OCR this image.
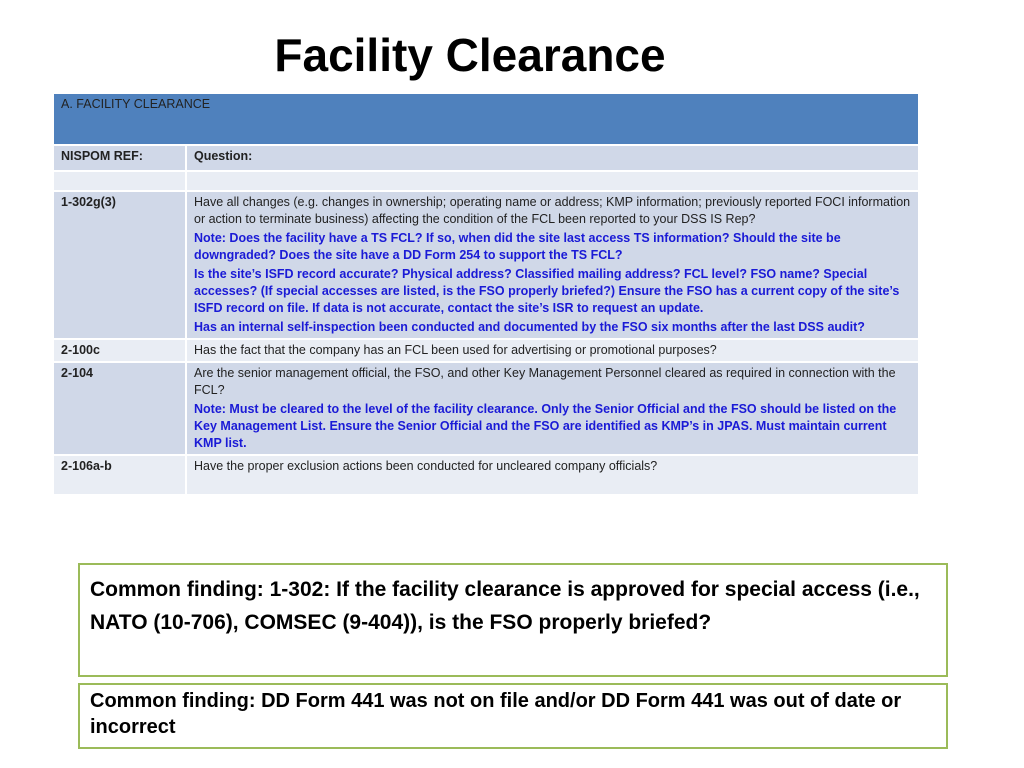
Facility Clearance
A. FACILITY CLEARANCE	
NISPOM REF:	Question:

1-302g(3)	Have all changes (e.g. changes in ownership; operating name or address; KMP information; previously reported FOCI information or action to terminate business) affecting the condition of the FCL been reported to your DSS IS Rep?
Note: Does the facility have a TS FCL? If so, when did the site last access TS information? Should the site be downgraded? Does the site have a DD Form 254 to support the TS FCL?
Is the site’s ISFD record accurate? Physical address? Classified mailing address? FCL level? FSO name? Special accesses? (If special accesses are listed, is the FSO properly briefed?) Ensure the FSO has a current copy of the site’s ISFD record on file. If data is not accurate, contact the site’s ISR to request an update.
Has an internal self-inspection been conducted and documented by the FSO six months after the last DSS audit?

2-100c	Has the fact that the company has an FCL been used for advertising or promotional purposes?

2-104	Are the senior management official, the FSO, and other Key Management Personnel cleared as required in connection with the FCL?
Note: Must be cleared to the level of the facility clearance. Only the Senior Official and the FSO should be listed on the Key Management List. Ensure the Senior Official and the FSO are identified as KMP’s in JPAS. Must maintain current KMP list.

2-106a-b	Have the proper exclusion actions been conducted for uncleared company officials?
Common finding: 1-302: If the facility clearance is approved for special access (i.e., NATO (10-706), COMSEC (9-404)), is the FSO properly briefed?
Common finding: DD Form 441 was not on file and/or DD Form 441 was out of date or incorrect
